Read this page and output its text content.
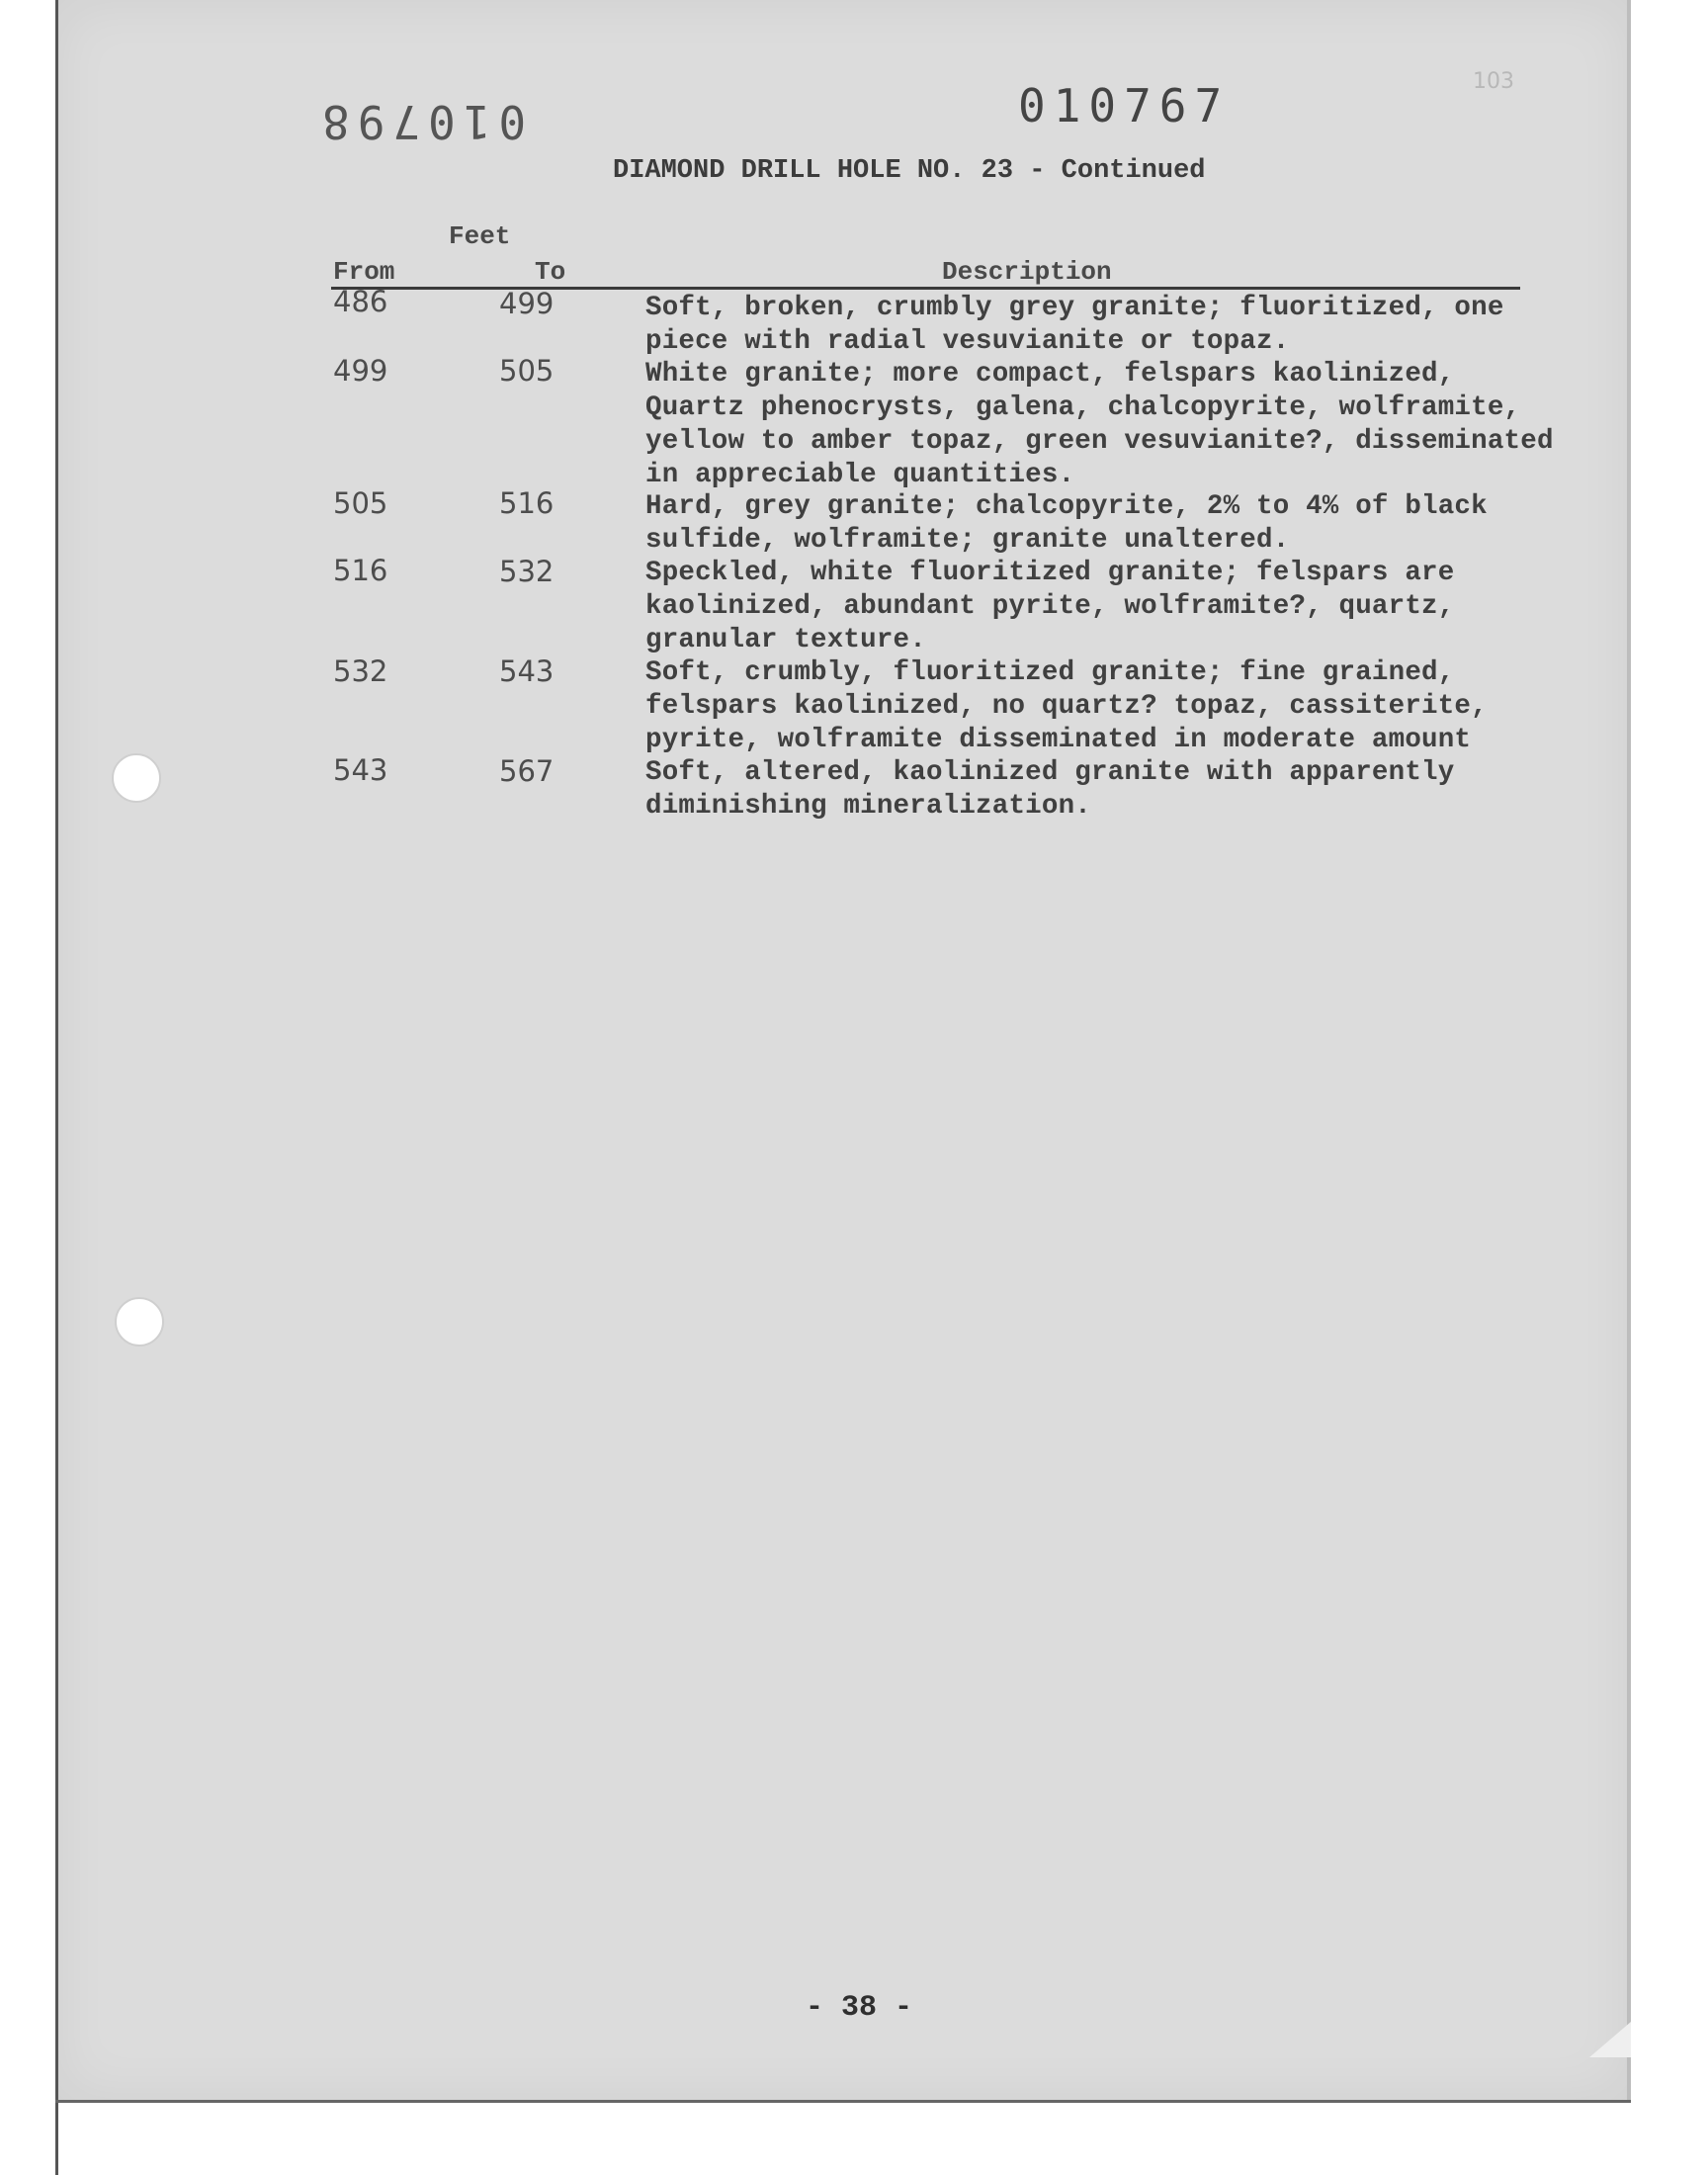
010798	010767	103
DIAMOND DRILL HOLE NO. 23 - Continued
Feet
From	To	Description
486	499	Soft, broken, crumbly grey granite; fluoritized, one
piece with radial vesuvianite or topaz.
499	505	White granite; more compact, felspars kaolinized,
Quartz phenocrysts, galena, chalcopyrite, wolframite,
yellow to amber topaz, green vesuvianite?, disseminated
in appreciable quantities.
505	516	Hard, grey granite; chalcopyrite, 2% to 4% of black
sulfide, wolframite; granite unaltered.
516	532	Speckled, white fluoritized granite; felspars are
kaolinized, abundant pyrite, wolframite?, quartz,
granular texture.
532	543	Soft, crumbly, fluoritized granite; fine grained,
felspars kaolinized, no quartz? topaz, cassiterite,
pyrite, wolframite disseminated in moderate amount
543	567	Soft, altered, kaolinized granite with apparently
diminishing mineralization.
- 38 -
